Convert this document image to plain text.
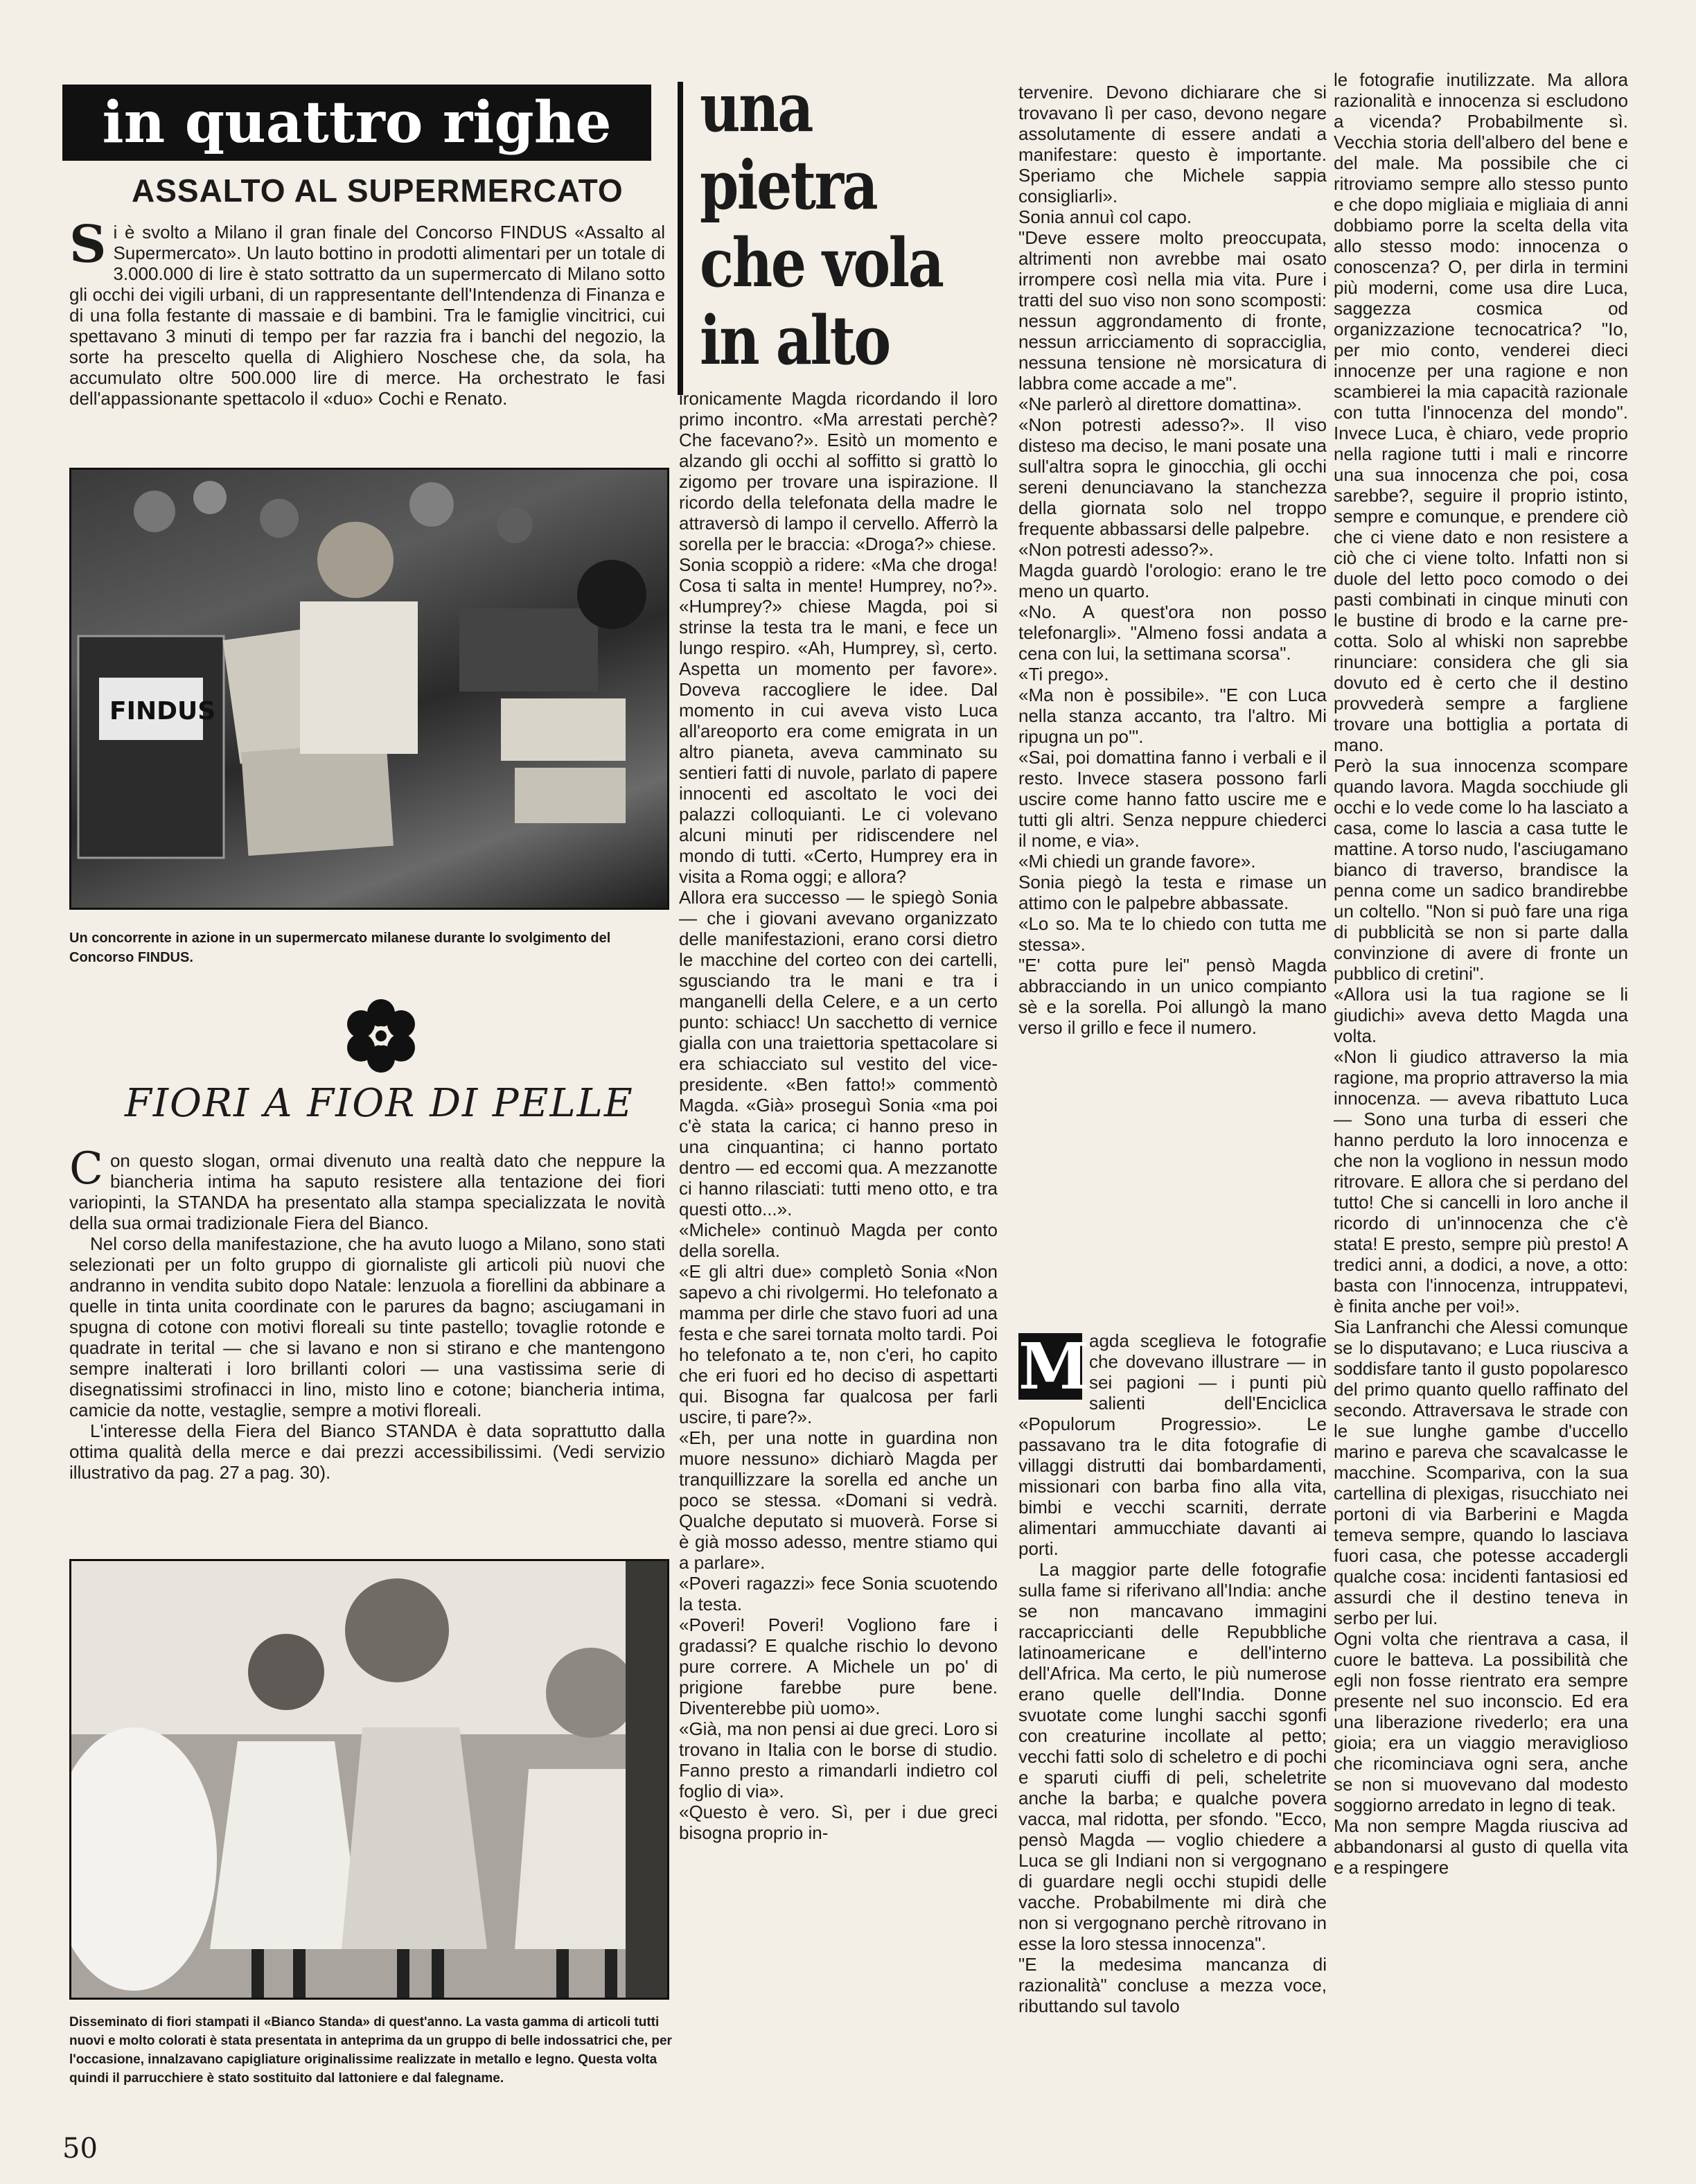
in quattro righe
ASSALTO AL SUPERMERCATO
S i è svolto a Milano il gran finale del Concorso FINDUS «Assalto al Supermercato». Un lauto bottino in prodotti alimentari per un totale di 3.000.000 di lire è stato sottratto da un supermercato di Milano sotto gli occhi dei vigili urbani, di un rappresentante dell'Intendenza di Finanza e di una folla festante di massaie e di bambini. Tra le famiglie vincitrici, cui spettavano 3 minuti di tempo per far razzia fra i banchi del negozio, la sorte ha prescelto quella di Alighiero Noschese che, da sola, ha accumulato oltre 500.000 lire di merce. Ha orchestrato le fasi dell'appassionante spettacolo il «duo» Cochi e Renato.
FINDUS
Un concorrente in azione in un supermercato milanese durante lo svolgimento del Concorso FINDUS.
FIORI A FIOR DI PELLE

C on questo slogan, ormai divenuto una realtà dato che neppure la biancheria intima ha saputo resistere alla tentazione dei fiori variopinti, la STANDA ha presentato alla stampa specializzata le novità della sua ormai tradizionale Fiera del Bianco.

Nel corso della manifestazione, che ha avuto luogo a Milano, sono stati selezionati per un folto gruppo di giornaliste gli articoli più nuovi che andranno in vendita subito dopo Natale: lenzuola a fiorellini da abbinare a quelle in tinta unita coordinate con le parures da bagno; asciugamani in spugna di cotone con motivi floreali su tinte pastello; tovaglie rotonde e quadrate in terital — che si lavano e non si stirano e che mantengono sempre inalterati i loro brillanti colori — una vastissima serie di disegnatissimi strofinacci in lino, misto lino e cotone; biancheria intima, camicie da notte, vestaglie, sempre a motivi floreali.

L'interesse della Fiera del Bianco STANDA è data soprattutto dalla ottima qualità della merce e dai prezzi accessibilissimi. (Vedi servizio illustrativo da pag. 27 a pag. 30).

Disseminato di fiori stampati il «Bianco Standa» di quest'anno. La vasta gamma di articoli tutti nuovi e molto colorati è stata presentata in anteprima da un gruppo di belle indossatrici che, per l'occasione, innalzavano capigliature originalissime realizzate in metallo e legno. Questa volta quindi il parrucchiere è stato sostituito dal lattoniere e dal falegname.
50
una pietra che vola in alto
ironicamente Magda ricordando il loro primo incontro. «Ma arrestati perchè? Che facevano?». Esitò un momento e alzando gli occhi al soffitto si grattò lo zigomo per trovare una ispirazione. Il ricordo della telefonata della madre le attraversò di lampo il cervello. Afferrò la sorella per le braccia: «Droga?» chiese.
Sonia scoppiò a ridere: «Ma che droga! Cosa ti salta in mente! Humprey, no?». «Humprey?» chiese Magda, poi si strinse la testa tra le mani, e fece un lungo respiro. «Ah, Humprey, sì, certo. Aspetta un momento per favore». Doveva raccogliere le idee. Dal momento in cui aveva visto Luca all'areoporto era come emigrata in un altro pianeta, aveva camminato su sentieri fatti di nuvole, parlato di papere innocenti ed ascoltato le voci dei palazzi colloquianti. Le ci volevano alcuni minuti per ridiscendere nel mondo di tutti. «Certo, Humprey era in visita a Roma oggi; e allora?
Allora era successo — le spiegò Sonia — che i giovani avevano organizzato delle manifestazioni, erano corsi dietro le macchine del corteo con dei cartelli, sgusciando tra le mani e tra i manganelli della Celere, e a un certo punto: schiacc! Un sacchetto di vernice gialla con una traiettoria spettacolare si era schiacciato sul vestito del vice-presidente. «Ben fatto!» commentò Magda. «Già» proseguì Sonia «ma poi c'è stata la carica; ci hanno preso in una cinquantina; ci hanno portato dentro — ed eccomi qua. A mezzanotte ci hanno rilasciati: tutti meno otto, e tra questi otto...».
«Michele» continuò Magda per conto della sorella.
«E gli altri due» completò Sonia «Non sapevo a chi rivolgermi. Ho telefonato a mamma per dirle che stavo fuori ad una festa e che sarei tornata molto tardi. Poi ho telefonato a te, non c'eri, ho capito che eri fuori ed ho deciso di aspettarti qui. Bisogna far qualcosa per farli uscire, ti pare?».
«Eh, per una notte in guardina non muore nessuno» dichiarò Magda per tranquillizzare la sorella ed anche un poco se stessa. «Domani si vedrà. Qualche deputato si muoverà. Forse si è già mosso adesso, mentre stiamo qui a parlare».
«Poveri ragazzi» fece Sonia scuotendo la testa.
«Poveri! Poveri! Vogliono fare i gradassi? E qualche rischio lo devono pure correre. A Michele un po' di prigione farebbe pure bene. Diventerebbe più uomo».
«Già, ma non pensi ai due greci. Loro si trovano in Italia con le borse di studio. Fanno presto a rimandarli indietro col foglio di via».
«Questo è vero. Sì, per i due greci bisogna proprio in-
tervenire. Devono dichiarare che si trovavano lì per caso, devono negare assolutamente di essere andati a manifestare: questo è importante. Speriamo che Michele sappia consigliarli».
Sonia annuì col capo.
"Deve essere molto preoccupata, altrimenti non avrebbe mai osato irrompere così nella mia vita. Pure i tratti del suo viso non sono scomposti: nessun aggrondamento di fronte, nessun arricciamento di sopracciglia, nessuna tensione nè morsicatura di labbra come accade a me".
«Ne parlerò al direttore domattina».
«Non potresti adesso?». Il viso disteso ma deciso, le mani posate una sull'altra sopra le ginocchia, gli occhi sereni denunciavano la stanchezza della giornata solo nel troppo frequente abbassarsi delle palpebre.
«Non potresti adesso?».
Magda guardò l'orologio: erano le tre meno un quarto.
«No. A quest'ora non posso telefonargli». "Almeno fossi andata a cena con lui, la settimana scorsa".
«Ti prego».
«Ma non è possibile». "E con Luca nella stanza accanto, tra l'altro. Mi ripugna un po'".
«Sai, poi domattina fanno i verbali e il resto. Invece stasera possono farli uscire come hanno fatto uscire me e tutti gli altri. Senza neppure chiederci il nome, e via».
«Mi chiedi un grande favore».
Sonia piegò la testa e rimase un attimo con le palpebre abbassate.
«Lo so. Ma te lo chiedo con tutta me stessa».
"E' cotta pure lei" pensò Magda abbracciando in un unico compianto sè e la sorella. Poi allungò la mano verso il grillo e fece il numero.

M agda sceglieva le fotografie che dovevano illustrare — in sei pagioni — i punti più salienti dell'Enciclica «Populorum Progressio». Le passavano tra le dita fotografie di villaggi distrutti dai bombardamenti, missionari con barba fino alla vita, bimbi e vecchi scarniti, derrate alimentari ammucchiate davanti ai porti.

La maggior parte delle fotografie sulla fame si riferivano all'India: anche se non mancavano immagini raccapriccianti delle Repubbliche latinoamericane e dell'interno dell'Africa. Ma certo, le più numerose erano quelle dell'India. Donne svuotate come lunghi sacchi sgonfi con creaturine incollate al petto; vecchi fatti solo di scheletro e di pochi e sparuti ciuffi di peli, scheletrite anche la barba; e qualche povera vacca, mal ridotta, per sfondo. "Ecco, pensò Magda — voglio chiedere a Luca se gli Indiani non si vergognano di guardare negli occhi stupidi delle vacche. Probabilmente mi dirà che non si vergognano perchè ritrovano in esse la loro stessa innocenza".
"E la medesima mancanza di razionalità" concluse a mezza voce, ributtando sul tavolo

le fotografie inutilizzate. Ma allora razionalità e innocenza si escludono a vicenda? Probabilmente sì. Vecchia storia dell'albero del bene e del male. Ma possibile che ci ritroviamo sempre allo stesso punto e che dopo migliaia e migliaia di anni dobbiamo porre la scelta della vita allo stesso modo: innocenza o conoscenza? O, per dirla in termini più moderni, come usa dire Luca, saggezza cosmica od organizzazione tecnocatrica? "Io, per mio conto, venderei dieci innocenze per una ragione e non scambierei la mia capacità razionale con tutta l'innocenza del mondo". Invece Luca, è chiaro, vede proprio nella ragione tutti i mali e rincorre una sua innocenza che poi, cosa sarebbe?, seguire il proprio istinto, sempre e comunque, e prendere ciò che ci viene dato e non resistere a ciò che ci viene tolto. Infatti non si duole del letto poco comodo o dei pasti combinati in cinque minuti con le bustine di brodo e la carne pre-cotta. Solo al whiski non saprebbe rinunciare: considera che gli sia dovuto ed è certo che il destino provvederà sempre a fargliene trovare una bottiglia a portata di mano.
Però la sua innocenza scompare quando lavora. Magda socchiude gli occhi e lo vede come lo ha lasciato a casa, come lo lascia a casa tutte le mattine. A torso nudo, l'asciugamano bianco di traverso, brandisce la penna come un sadico brandirebbe un coltello. "Non si può fare una riga di pubblicità se non si parte dalla convinzione di avere di fronte un pubblico di cretini".
«Allora usi la tua ragione se li giudichi» aveva detto Magda una volta.
«Non li giudico attraverso la mia ragione, ma proprio attraverso la mia innocenza. — aveva ribattuto Luca — Sono una turba di esseri che hanno perduto la loro innocenza e che non la vogliono in nessun modo ritrovare. E allora che si perdano del tutto! Che si cancelli in loro anche il ricordo di un'innocenza che c'è stata! E presto, sempre più presto! A tredici anni, a dodici, a nove, a otto: basta con l'innocenza, intruppatevi, è finita anche per voi!».
Sia Lanfranchi che Alessi comunque se lo disputavano; e Luca riusciva a soddisfare tanto il gusto popolaresco del primo quanto quello raffinato del secondo. Attraversava le strade con le sue lunghe gambe d'uccello marino e pareva che scavalcasse le macchine. Scompariva, con la sua cartellina di plexigas, risucchiato nei portoni di via Barberini e Magda temeva sempre, quando lo lasciava fuori casa, che potesse accadergli qualche cosa: incidenti fantasiosi ed assurdi che il destino teneva in serbo per lui.
Ogni volta che rientrava a casa, il cuore le batteva. La possibilità che egli non fosse rientrato era sempre presente nel suo inconscio. Ed era una liberazione rivederlo; era una gioia; era un viaggio meraviglioso che ricominciava ogni sera, anche se non si muovevano dal modesto soggiorno arredato in legno di teak.
Ma non sempre Magda riusciva ad abbandonarsi al gusto di quella vita e a respingere
